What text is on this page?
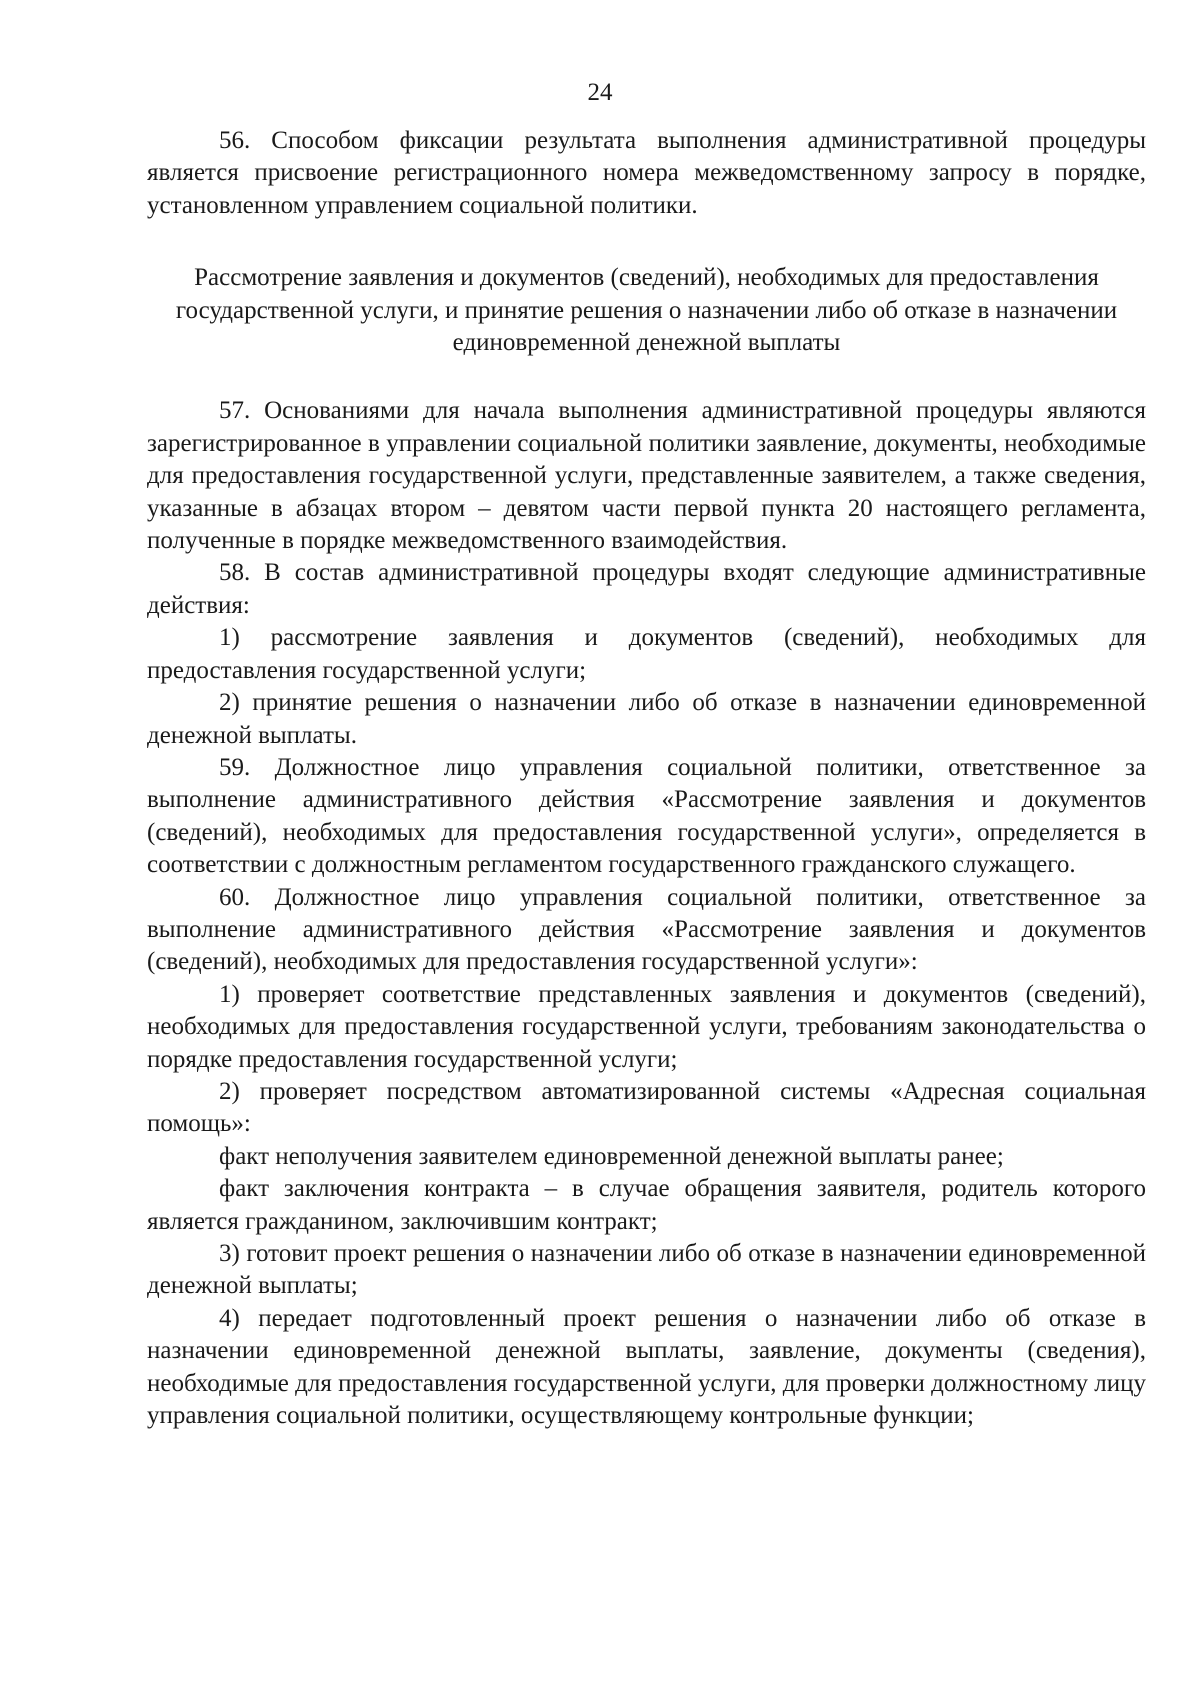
24

56. Способом фиксации результата выполнения административной процедуры является присвоение регистрационного номера межведомственному запросу в порядке, установленном управлением социальной политики.

Рассмотрение заявления и документов (сведений), необходимых для предоставления государственной услуги, и принятие решения о назначении либо об отказе в назначении единовременной денежной выплаты

57. Основаниями для начала выполнения административной процедуры являются зарегистрированное в управлении социальной политики заявление, документы, необходимые для предоставления государственной услуги, представленные заявителем, а также сведения, указанные в абзацах втором – девятом части первой пункта 20 настоящего регламента, полученные в порядке межведомственного взаимодействия.

58. В состав административной процедуры входят следующие административные действия:

1) рассмотрение заявления и документов (сведений), необходимых для предоставления государственной услуги;

2) принятие решения о назначении либо об отказе в назначении единовременной денежной выплаты.

59. Должностное лицо управления социальной политики, ответственное за выполнение административного действия «Рассмотрение заявления и документов (сведений), необходимых для предоставления государственной услуги», определяется в соответствии с должностным регламентом государственного гражданского служащего.

60. Должностное лицо управления социальной политики, ответственное за выполнение административного действия «Рассмотрение заявления и документов (сведений), необходимых для предоставления государственной услуги»:

1) проверяет соответствие представленных заявления и документов (сведений), необходимых для предоставления государственной услуги, требованиям законодательства о порядке предоставления государственной услуги;

2) проверяет посредством автоматизированной системы «Адресная социальная помощь»:

факт неполучения заявителем единовременной денежной выплаты ранее;

факт заключения контракта – в случае обращения заявителя, родитель которого является гражданином, заключившим контракт;

3) готовит проект решения о назначении либо об отказе в назначении единовременной денежной выплаты;

4) передает подготовленный проект решения о назначении либо об отказе в назначении единовременной денежной выплаты, заявление, документы (сведения), необходимые для предоставления государственной услуги, для проверки должностному лицу управления социальной политики, осуществляющему контрольные функции;
